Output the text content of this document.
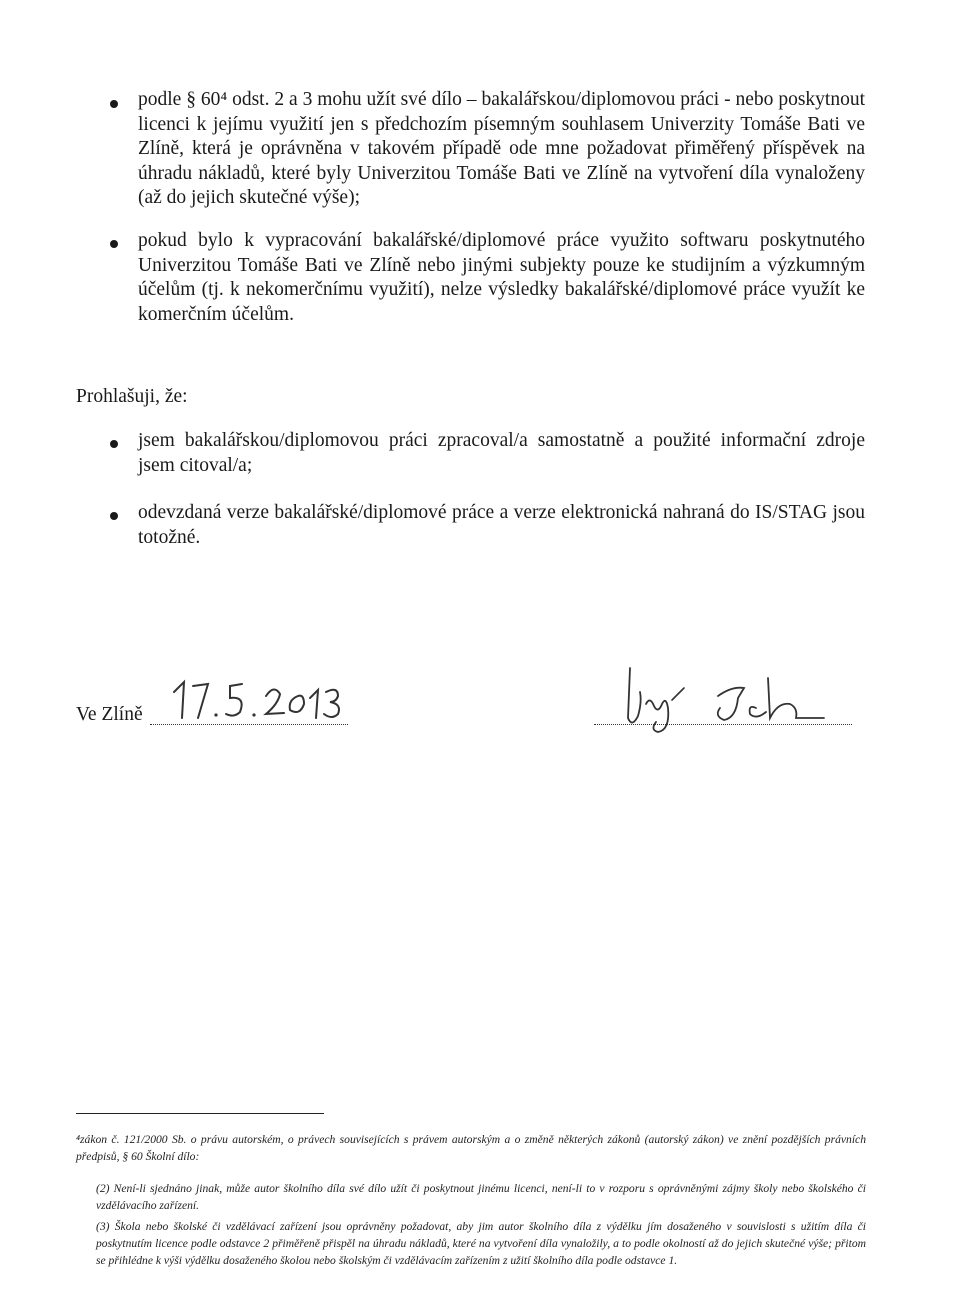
podle § 60⁴ odst. 2 a 3 mohu užít své dílo – bakalářskou/diplomovou práci - nebo poskytnout licenci k jejímu využití jen s předchozím písemným souhlasem Univerzity Tomáše Bati ve Zlíně, která je oprávněna v takovém případě ode mne požadovat přiměřený příspěvek na úhradu nákladů, které byly Univerzitou Tomáše Bati ve Zlíně na vytvoření díla vynaloženy (až do jejich skutečné výše);

pokud bylo k vypracování bakalářské/diplomové práce využito softwaru poskytnutého Univerzitou Tomáše Bati ve Zlíně nebo jinými subjekty pouze ke studijním a výzkumným účelům (tj. k nekomerčnímu využití), nelze výsledky bakalářské/diplomové práce využít ke komerčním účelům.

Prohlašuji, že:

jsem bakalářskou/diplomovou práci zpracoval/a samostatně a použité informační zdroje jsem citoval/a;

odevzdaná verze bakalářské/diplomové práce a verze elektronická nahraná do IS/STAG jsou totožné.

Ve Zlíně

⁴zákon č. 121/2000 Sb. o právu autorském, o právech souvisejících s právem autorským a o změně některých zákonů (autorský zákon) ve znění pozdějších právních předpisů, § 60 Školní dílo:

(2) Není-li sjednáno jinak, může autor školního díla své dílo užít či poskytnout jinému licenci, není-li to v rozporu s oprávněnými zájmy školy nebo školského či vzdělávacího zařízení.

(3) Škola nebo školské či vzdělávací zařízení jsou oprávněny požadovat, aby jim autor školního díla z výdělku jím dosaženého v souvislosti s užitím díla či poskytnutím licence podle odstavce 2 přiměřeně přispěl na úhradu nákladů, které na vytvoření díla vynaložily, a to podle okolností až do jejich skutečné výše; přitom se přihlédne k výši výdělku dosaženého školou nebo školským či vzdělávacím zařízením z užití školního díla podle odstavce 1.
